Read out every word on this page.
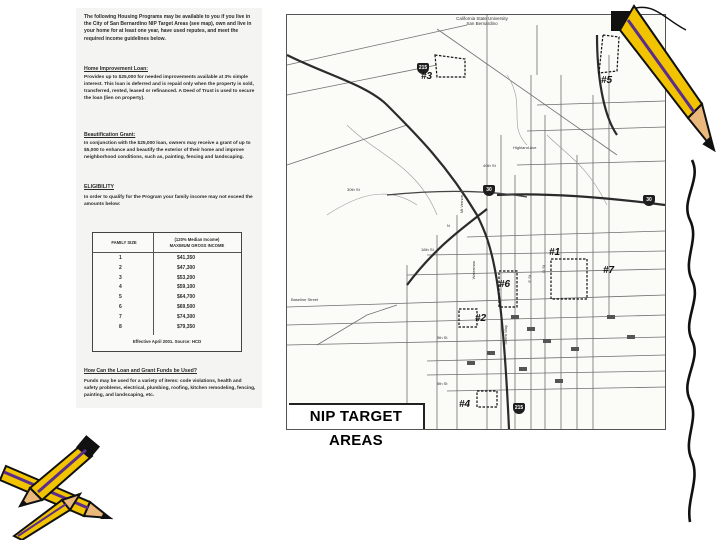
The following Housing Programs may be available to you if you live in the City of San Bernardino NIP Target Areas (see map), own and live in your home for at least one year, have used reputes, and meet the required income guidelines below.

Home Improvement Loan:

Provides up to $25,000 for needed improvements available at 3% simple interest. This loan is deferred and is repaid only when the property is sold, transferred, rented, leased or refinanced. A Deed of Trust is used to secure the loan (lien on property).

Beautification Grant:

In conjunction with the $25,000 loan, owners may receive a grant of up to $5,000 to enhance and beautify the exterior of their home and improve neighborhood conditions, such as, painting, fencing and landscaping.

ELIGIBILITY

In order to qualify for the Program your family income may not exceed the amounts below:

FAMILY SIZE
(120% Median Income)
MAXIMUM GROSS INCOME
1	$41,350
2	$47,300
3	$53,200
4	$59,100
5	$64,700
6	$69,500
7	$74,300
8	$79,350
Effective April 2001. Source: HCD
How Can the Loan and Grant Funds be Used?

Funds may be used for a variety of items: code violations, health and safety problems, electrical, plumbing, roofing, kitchen remodeling, fencing, painting, and landscaping, etc.

California State University
San Bernardino
Baseline Street
Highland Ave
40th St
30th St
16th St
9th St
5th St
Waterman
Mt Vernon
Sierra Way
E St
D St
N
215
30
30
215
#3	#5
#1
#7
#6
#2
#4
NIP TARGET AREAS
